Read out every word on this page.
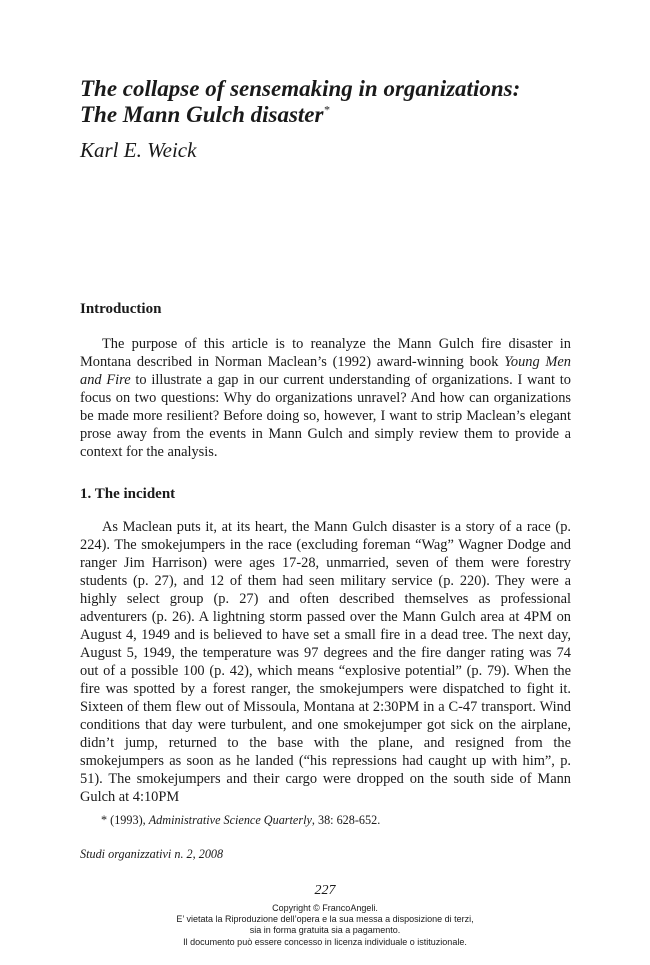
The collapse of sensemaking in organizations:
The Mann Gulch disaster*

Karl E. Weick

Introduction

The purpose of this article is to reanalyze the Mann Gulch fire disaster in Montana described in Norman Maclean’s (1992) award-winning book Young Men and Fire to illustrate a gap in our current understanding of organizations. I want to focus on two questions: Why do organizations unravel? And how can organizations be made more resilient? Before doing so, however, I want to strip Maclean’s elegant prose away from the events in Mann Gulch and simply review them to provide a context for the analysis.

1. The incident

As Maclean puts it, at its heart, the Mann Gulch disaster is a story of a race (p. 224). The smokejumpers in the race (excluding foreman “Wag” Wagner Dodge and ranger Jim Harrison) were ages 17-28, unmarried, seven of them were forestry students (p. 27), and 12 of them had seen military service (p. 220). They were a highly select group (p. 27) and often described themselves as professional adventurers (p. 26). A lightning storm passed over the Mann Gulch area at 4PM on August 4, 1949 and is believed to have set a small fire in a dead tree. The next day, August 5, 1949, the temperature was 97 degrees and the fire danger rating was 74 out of a possible 100 (p. 42), which means “explosive potential” (p. 79). When the fire was spotted by a forest ranger, the smokejumpers were dispatched to fight it. Sixteen of them flew out of Missoula, Montana at 2:30PM in a C-47 transport. Wind conditions that day were turbulent, and one smokejumper got sick on the airplane, didn’t jump, returned to the base with the plane, and resigned from the smokejumpers as soon as he landed (“his repressions had caught up with him”, p. 51). The smokejumpers and their cargo were dropped on the south side of Mann Gulch at 4:10PM

* (1993), Administrative Science Quarterly, 38: 628-652.

Studi organizzativi n. 2, 2008

227

Copyright © FrancoAngeli.
E’ vietata la Riproduzione dell’opera e la sua messa a disposizione di terzi,
sia in forma gratuita sia a pagamento.
Il documento può essere concesso in licenza individuale o istituzionale.
